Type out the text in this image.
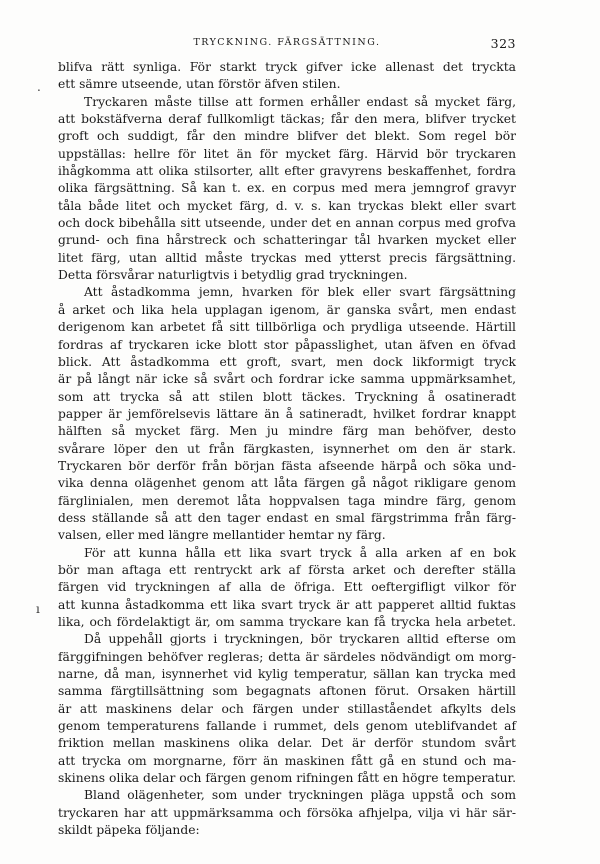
TRYCKNING. FÄRGSÄTTNING.	323
.
ı
blifva rätt synliga. För starkt tryck gifver icke allenast det tryckta
ett sämre utseende, utan förstör äfven stilen.
Tryckaren måste tillse att formen erhåller endast så mycket färg,
att bokstäfverna deraf fullkomligt täckas; får den mera, blifver trycket
groft och suddigt, får den mindre blifver det blekt. Som regel bör
uppställas: hellre för litet än för mycket färg. Härvid bör tryckaren
ihågkomma att olika stilsorter, allt efter gravyrens beskaffenhet, fordra
olika färgsättning. Så kan t. ex. en corpus med mera jemngrof gravyr
tåla både litet och mycket färg, d. v. s. kan tryckas blekt eller svart
och dock bibehålla sitt utseende, under det en annan corpus med grofva
grund- och fina hårstreck och schatteringar tål hvarken mycket eller
litet färg, utan alltid måste tryckas med ytterst precis färgsättning.
Detta försvårar naturligtvis i betydlig grad tryckningen.
Att åstadkomma jemn, hvarken för blek eller svart färgsättning
å arket och lika hela upplagan igenom, är ganska svårt, men endast
derigenom kan arbetet få sitt tillbörliga och prydliga utseende. Härtill
fordras af tryckaren icke blott stor påpasslighet, utan äfven en öfvad
blick. Att åstadkomma ett groft, svart, men dock likformigt tryck
är på långt när icke så svårt och fordrar icke samma uppmärksamhet,
som att trycka så att stilen blott täckes. Tryckning å osatineradt
papper är jemförelsevis lättare än å satineradt, hvilket fordrar knappt
hälften så mycket färg. Men ju mindre färg man behöfver, desto
svårare löper den ut från färgkasten, isynnerhet om den är stark.
Tryckaren bör derför från början fästa afseende härpå och söka und-
vika denna olägenhet genom att låta färgen gå något rikligare genom
färglinialen, men deremot låta hoppvalsen taga mindre färg, genom
dess ställande så att den tager endast en smal färgstrimma från färg-
valsen, eller med längre mellantider hemtar ny färg.
För att kunna hålla ett lika svart tryck å alla arken af en bok
bör man aftaga ett rentryckt ark af första arket och derefter ställa
färgen vid tryckningen af alla de öfriga. Ett oeftergifligt vilkor för
att kunna åstadkomma ett lika svart tryck är att papperet alltid fuktas
lika, och fördelaktigt är, om samma tryckare kan få trycka hela arbetet.
Då uppehåll gjorts i tryckningen, bör tryckaren alltid efterse om
färggifningen behöfver regleras; detta är särdeles nödvändigt om morg-
narne, då man, isynnerhet vid kylig temperatur, sällan kan trycka med
samma färgtillsättning som begagnats aftonen förut. Orsaken härtill
är att maskinens delar och färgen under stillaståendet afkylts dels
genom temperaturens fallande i rummet, dels genom uteblifvandet af
friktion mellan maskinens olika delar. Det är derför stundom svårt
att trycka om morgnarne, förr än maskinen fått gå en stund och ma-
skinens olika delar och färgen genom rifningen fått en högre temperatur.
Bland olägenheter, som under tryckningen pläga uppstå och som
tryckaren har att uppmärksamma och försöka afhjelpa, vilja vi här sär-
skildt päpeka följande:
